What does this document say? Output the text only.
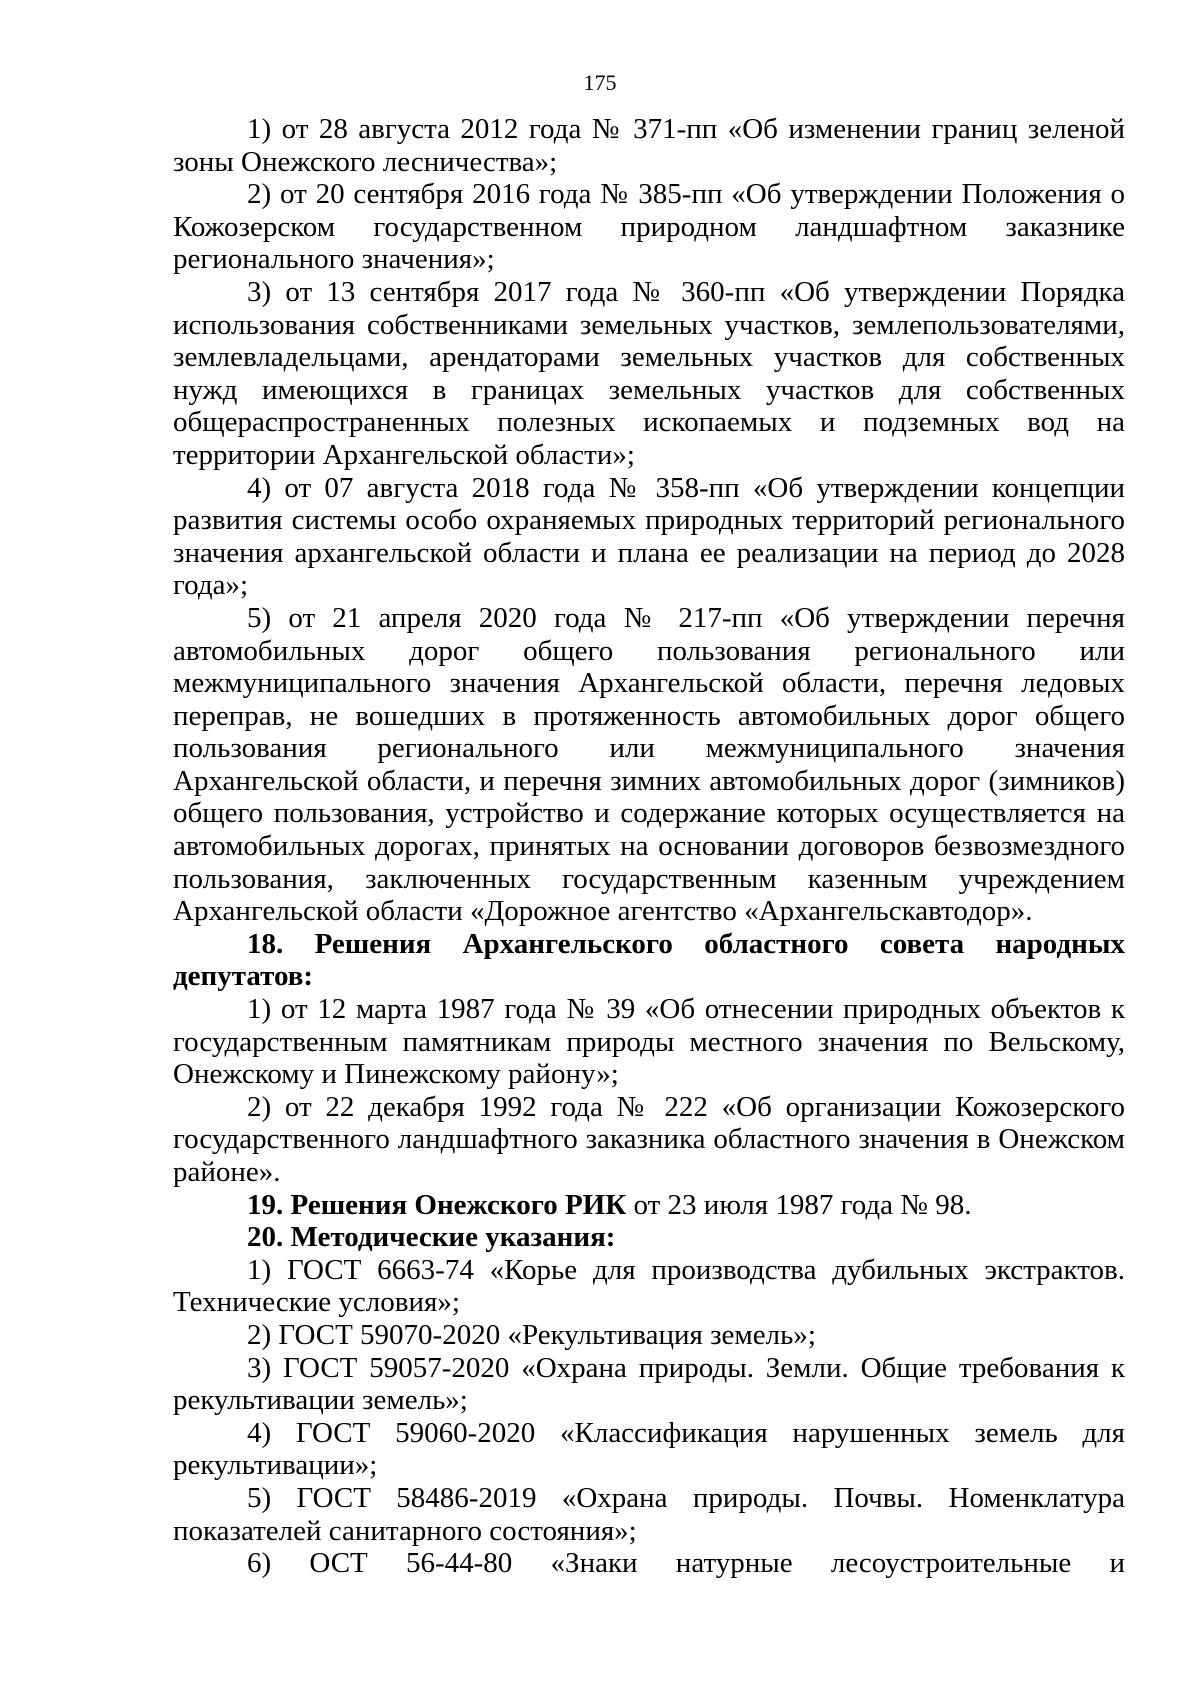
175

1) от 28 августа 2012 года № 371-пп «Об изменении границ зеленой зоны Онежского лесничества»;

2) от 20 сентября 2016 года № 385-пп «Об утверждении Положения о Кожозерском государственном природном ландшафтном заказнике регионального значения»;

3) от 13 сентября 2017 года № 360-пп «Об утверждении Порядка использования собственниками земельных участков, землепользователями, землевладельцами, арендаторами земельных участков для собственных нужд имеющихся в границах земельных участков для собственных общераспространенных полезных ископаемых и подземных вод на территории Архангельской области»;

4) от 07 августа 2018 года № 358-пп «Об утверждении концепции развития системы особо охраняемых природных территорий регионального значения архангельской области и плана ее реализации на период до 2028 года»;

5) от 21 апреля 2020 года № 217-пп «Об утверждении перечня автомобильных дорог общего пользования регионального или межмуниципального значения Архангельской области, перечня ледовых переправ, не вошедших в протяженность автомобильных дорог общего пользования регионального или межмуниципального значения Архангельской области, и перечня зимних автомобильных дорог (зимников) общего пользования, устройство и содержание которых осуществляется на автомобильных дорогах, принятых на основании договоров безвозмездного пользования, заключенных государственным казенным учреждением Архангельской области «Дорожное агентство «Архангельскавтодор».

18. Решения Архангельского областного совета народных депутатов:

1) от 12 марта 1987 года № 39 «Об отнесении природных объектов к государственным памятникам природы местного значения по Вельскому, Онежскому и Пинежскому району»;

2) от 22 декабря 1992 года № 222 «Об организации Кожозерского государственного ландшафтного заказника областного значения в Онежском районе».

19. Решения Онежского РИК от 23 июля 1987 года № 98.

20. Методические указания:

1) ГОСТ 6663-74 «Корье для производства дубильных экстрактов. Технические условия»;

2) ГОСТ 59070-2020 «Рекультивация земель»;

3) ГОСТ 59057-2020 «Охрана природы. Земли. Общие требования к рекультивации земель»;

4) ГОСТ 59060-2020 «Классификация нарушенных земель для рекультивации»;

5) ГОСТ 58486-2019 «Охрана природы. Почвы. Номенклатура показателей санитарного состояния»;

6) ОСТ 56-44-80 «Знаки натурные лесоустроительные и
